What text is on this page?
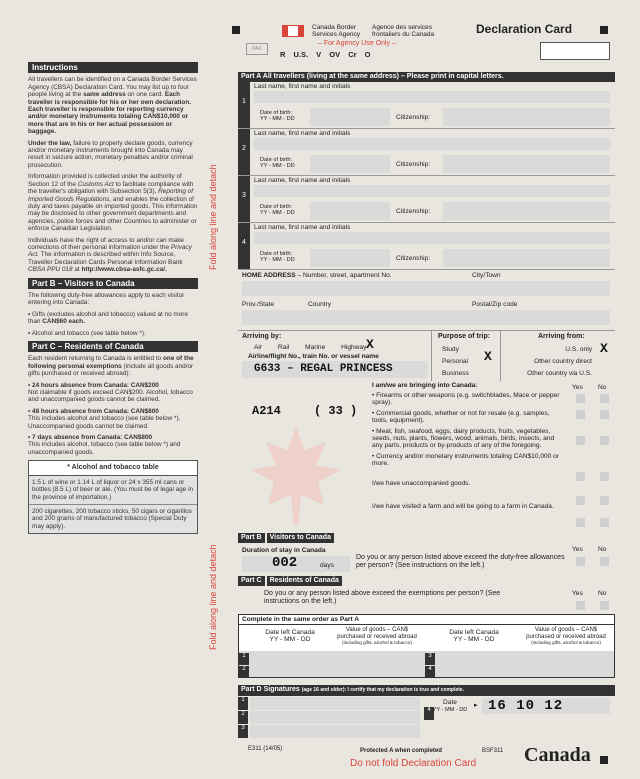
Instructions

All travellers can be identified on a Canada Border Services Agency (CBSA) Declaration Card. You may list up to four people living at the same address on one card. Each traveller is responsible for his or her own declaration. Each traveller is responsible for reporting currency and/or monetary instruments totaling CAN$10,000 or more that are in his or her actual possession or baggage.

Under the law, failure to properly declare goods, currency and/or monetary instruments brought into Canada may result in seizure action, monetary penalties and/or criminal prosecution.

Information provided is collected under the authority of Section 12 of the Customs Act to facilitate compliance with the traveller's obligation with Subsection 5(3), Reporting of Imported Goods Regulations, and enables the collection of duty and taxes payable on imported goods. This information may be disclosed to other government departments and agencies, police forces and other Countries to administer or enforce Canadian Legislation.

Individuals have the right of access to and/or can make corrections of their personal information under the Privacy Act. The information is described within Info Source, Traveller Declaration Cards Personal Information Bank CBSA PPU 018 at http://www.cbsa-asfc.gc.ca/.

Part B – Visitors to Canada

The following duty-free allowances apply to each visitor entering into Canada:

▪ Gifts (excludes alcohol and tobacco) valued at no more than CAN$60 each.

▪ Alcohol and tobacco (see table below *).

Part C – Residents of Canada

Each resident returning to Canada is entitled to one of the following personal exemptions (include all goods and/or gifts purchased or received abroad):

▪ 24 hours absence from Canada: CAN$200
Not claimable if goods exceed CAN$200. Alcohol, tobacco and unaccompanied goods cannot be claimed.

▪ 48 hours absence from Canada: CAN$800
This includes alcohol and tobacco (see table below *). Unaccompanied goods cannot be claimed.

▪ 7 days absence from Canada: CAN$800
This includes alcohol, tobacco (see table below *) and unaccompanied goods.

* Alcohol and tobacco table
1.5 L of wine or 1.14 L of liquor or 24 x 355 ml cans or bottles (8.5 L) of beer or ale. (You must be of legal age in the province of importation.)
200 cigarettes, 200 tobacco sticks, 50 cigars or cigarillos and 200 grams of manufactured tobacco (Special Duty may apply).
Fold along line and detach
Fold along line and detach
Canada Border
Services Agency
Agence des services
frontaliers du Canada	Declaration Card
– For Agency Use Only –
PAX
R U.S. V OV Cr O
Part A All travellers (living at the same address) – Please print in capital letters.
1
Last name, first name and initials
Date of birth:
YY - MM - DD	Citizenship:
2
Last name, first name and initials
Date of birth:
YY - MM - DD	Citizenship:
3
Last name, first name and initials
Date of birth:
YY - MM - DD	Citizenship:
4
Last name, first name and initials
Date of birth:
YY - MM - DD	Citizenship:
HOME ADDRESS – Number, street, apartment No.	City/Town
Prov./State	Country	Postal/Zip code
Arriving by:
Air Rail Marine Highway X
Airline/flight No., train No. or vessel name
G633 – REGAL PRINCESS
Purpose of trip:
Study
Personal
Business
X
Arriving from:
U.S. only
Other country direct
Other country via U.S.
X
A214	( 33 )
I am/we are bringing into Canada:	Yes No
• Firearms or other weapons (e.g. switchblades, Mace or pepper spray).
• Commercial goods, whether or not for resale (e.g. samples, tools, equipment).
• Meat, fish, seafood, eggs, dairy products, fruits, vegetables, seeds, nuts, plants, flowers, wood, animals, birds, insects, and any parts, products or by-products of any of the foregoing.
• Currency and/or monetary instruments totaling CAN$10,000 or more.
I/we have unaccompanied goods.
I/we have visited a farm and will be going to a farm in Canada.
Part B Visitors to Canada
Duration of stay in Canada
002	days
Do you or any person listed above exceed the duty-free allowances per person? (See instructions on the left.)
Yes No
Part C Residents of Canada
Do you or any person listed above exceed the exemptions per person? (See instructions on the left.)
Yes No
Complete in the same order as Part A
Date left Canada
YY - MM - DD
Value of goods – CAN$
purchased or received abroad
(including gifts, alcohol & tobacco)
Date left Canada
YY - MM - DD
Value of goods – CAN$
purchased or received abroad
(including gifts, alcohol & tobacco)
1
2
3
4
Part D Signatures (age 16 and older): I certify that my declaration is true and complete.
1
2
3
4
Date
YY - MM - DD
▸ 16 10 12
E311 (14/05)	Protected A when completed	BSF311
Do not fold Declaration Card Canada
